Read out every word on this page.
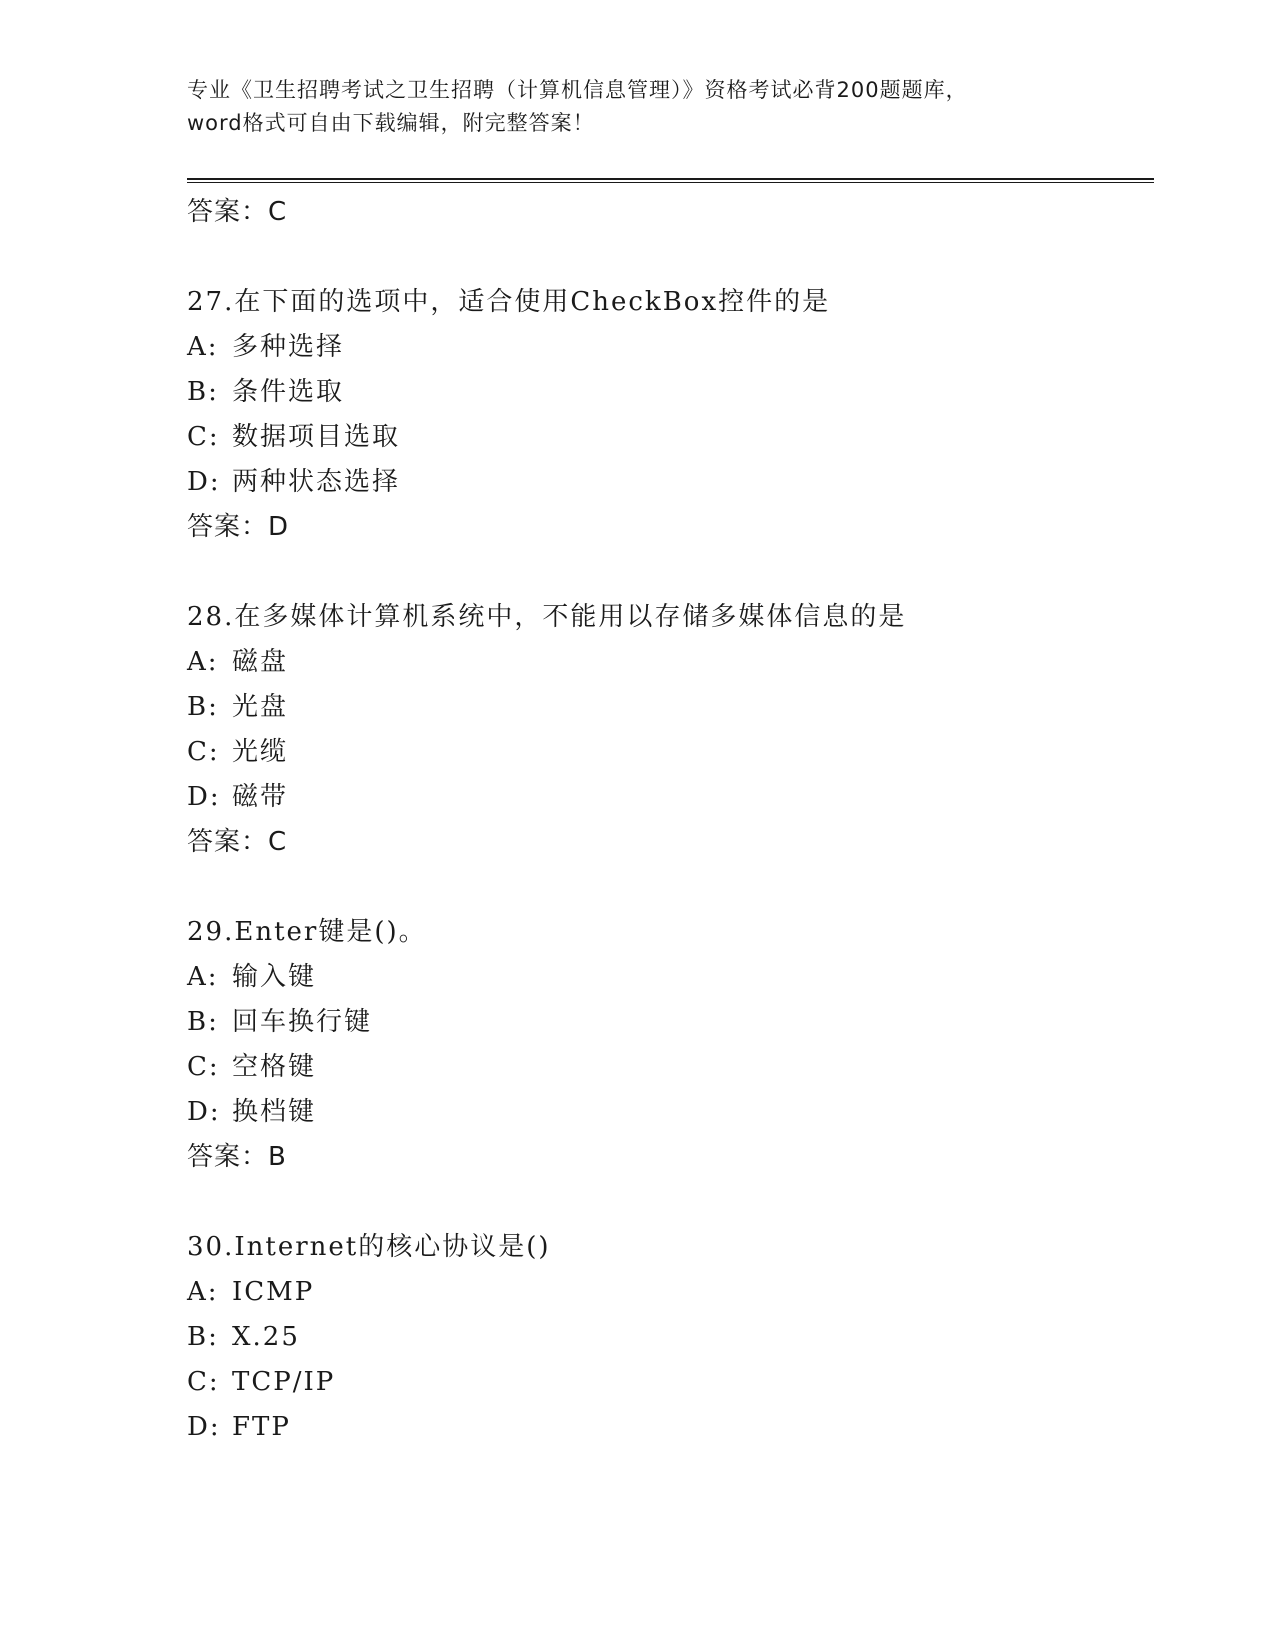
专业《卫生招聘考试之卫生招聘（计算机信息管理）》资格考试必背200题题库，
word格式可自由下载编辑，附完整答案！
答案：C
27.在下面的选项中，适合使用CheckBox控件的是
A: 多种选择
B: 条件选取
C: 数据项目选取
D: 两种状态选择
答案：D
28.在多媒体计算机系统中，不能用以存储多媒体信息的是
A: 磁盘
B: 光盘
C: 光缆
D: 磁带
答案：C
29.Enter键是()。
A: 输入键
B: 回车换行键
C: 空格键
D: 换档键
答案：B
30.Internet的核心协议是()
A: ICMP
B: X.25
C: TCP/IP
D: FTP
